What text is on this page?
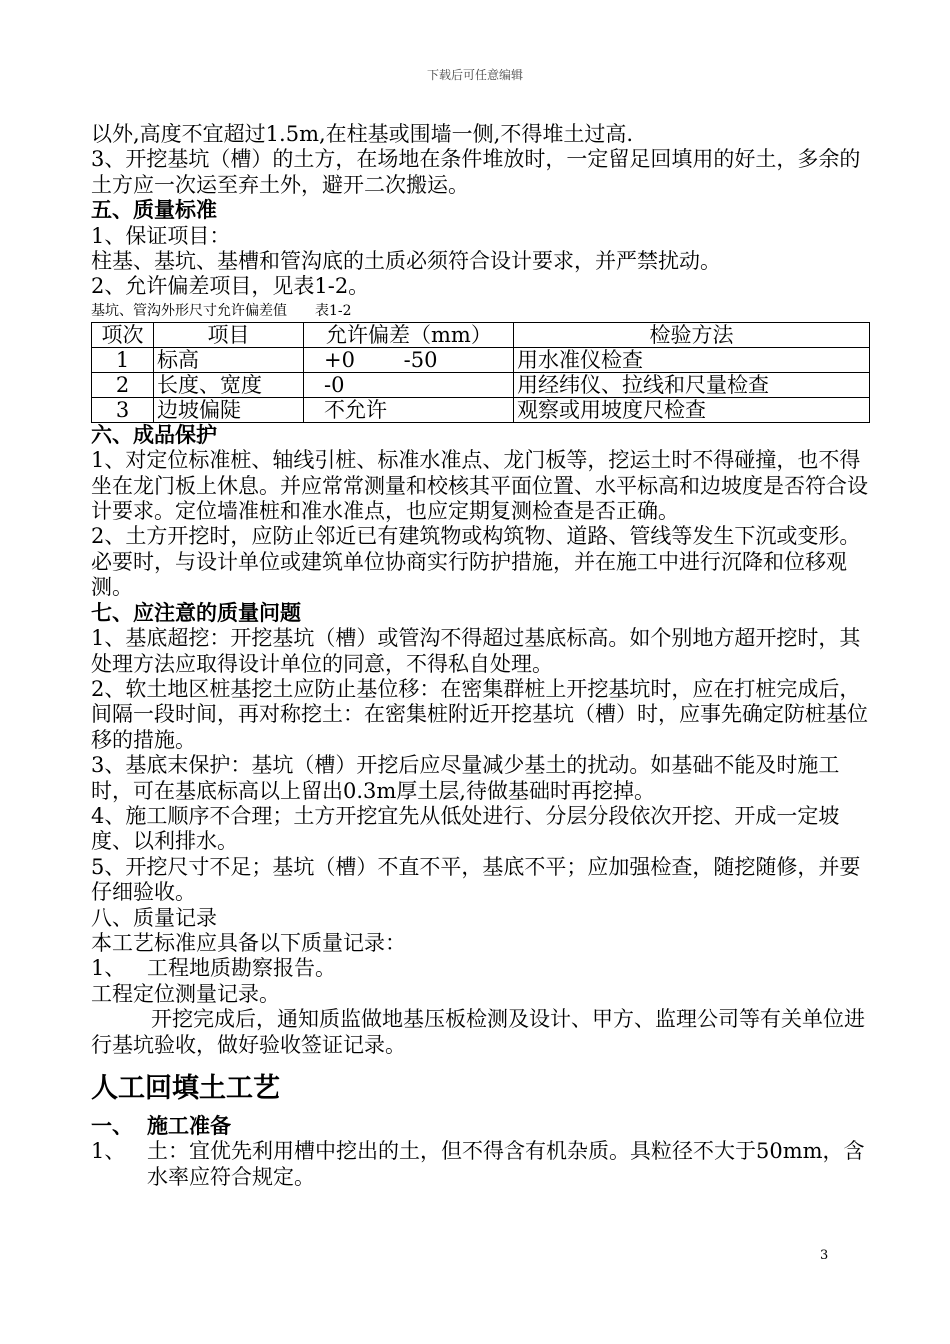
下载后可任意编辑

以外,高度不宜超过1.5m,在柱基或围墙一侧,不得堆土过高.

3、开挖基坑（槽）的土方，在场地在条件堆放时，一定留足回填用的好土，多余的土方应一次运至弃土外，避开二次搬运。

五、质量标准

1、保证项目：

柱基、基坑、基槽和管沟底的土质必须符合设计要求，并严禁扰动。

2、允许偏差项目，见表1-2。

基坑、管沟外形尺寸允许偏差值　　表1-2

项次	项目	允许偏差（mm）	检验方法
1	标高	+0　　 -50	用水准仪检查
2	长度、宽度	-0	用经纬仪、拉线和尺量检查
3	边坡偏陡	不允许	观察或用坡度尺检查

六、成品保护

1、对定位标准桩、轴线引桩、标准水准点、龙门板等，挖运土时不得碰撞，也不得坐在龙门板上休息。并应常常测量和校核其平面位置、水平标高和边坡度是否符合设计要求。定位墙准桩和准水准点，也应定期复测检查是否正确。

2、土方开挖时，应防止邻近已有建筑物或构筑物、道路、管线等发生下沉或变形。必要时，与设计单位或建筑单位协商实行防护措施，并在施工中进行沉降和位移观测。

七、应注意的质量问题

1、基底超挖：开挖基坑（槽）或管沟不得超过基底标高。如个别地方超开挖时，其处理方法应取得设计单位的同意，不得私自处理。

2、软土地区桩基挖土应防止基位移：在密集群桩上开挖基坑时，应在打桩完成后，间隔一段时间，再对称挖土：在密集桩附近开挖基坑（槽）时，应事先确定防桩基位移的措施。

3、基底末保护：基坑（槽）开挖后应尽量减少基土的扰动。如基础不能及时施工时，可在基底标高以上留出0.3m厚土层,待做基础时再挖掉。

4、施工顺序不合理；土方开挖宜先从低处进行、分层分段依次开挖、开成一定坡度、以利排水。

5、开挖尺寸不足；基坑（槽）不直不平，基底不平；应加强检查，随挖随修，并要仔细验收。

八、质量记录

本工艺标准应具备以下质量记录：

1、	工程地质勘察报告。

工程定位测量记录。

开挖完成后，通知质监做地基压板检测及设计、甲方、监理公司等有关单位进行基坑验收，做好验收签证记录。

人工回填土工艺

一、 施工准备

1、	土：宜优先利用槽中挖出的土，但不得含有机杂质。具粒径不大于50mm，含水率应符合规定。

3
